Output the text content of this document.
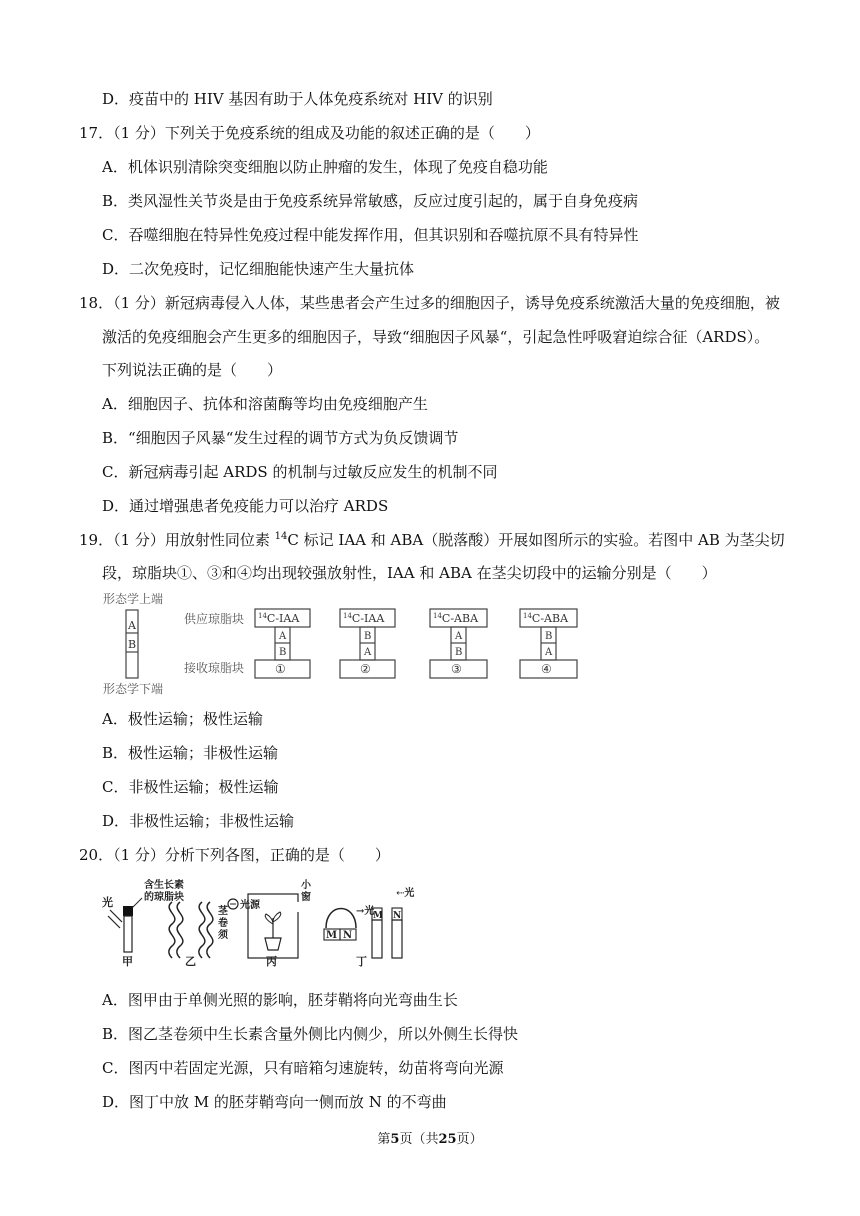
D．疫苗中的 HIV 基因有助于人体免疫系统对 HIV 的识别
17．（1 分）下列关于免疫系统的组成及功能的叙述正确的是（　　）
A．机体识别清除突变细胞以防止肿瘤的发生，体现了免疫自稳功能
B．类风湿性关节炎是由于免疫系统异常敏感，反应过度引起的，属于自身免疫病
C．吞噬细胞在特异性免疫过程中能发挥作用，但其识别和吞噬抗原不具有特异性
D．二次免疫时，记忆细胞能快速产生大量抗体
18．（1 分）新冠病毒侵入人体，某些患者会产生过多的细胞因子，诱导免疫系统激活大量的免疫细胞，被
激活的免疫细胞会产生更多的细胞因子，导致“细胞因子风暴“，引起急性呼吸窘迫综合征（ARDS）。
下列说法正确的是（　　）
A．细胞因子、抗体和溶菌酶等均由免疫细胞产生
B．“细胞因子风暴“发生过程的调节方式为负反馈调节
C．新冠病毒引起 ARDS 的机制与过敏反应发生的机制不同
D．通过增强患者免疫能力可以治疗 ARDS
19．（1 分）用放射性同位素 $^{14}$C 标记 IAA 和 ABA（脱落酸）开展如图所示的实验。若图中 AB 为茎尖切
段，琼脂块①、③和④均出现较强放射性，IAA 和 ABA 在茎尖切段中的运输分别是（　　）
形态学上端
形态学下端
A
B
供应琼脂块
接收琼脂块
$^{14}$C-IAA
A
B
①
$^{14}$C-IAA
B
A
②
$^{14}$C-ABA
A
B
③
$^{14}$C-ABA
B
A
④
A．极性运输；极性运输
B．极性运输；非极性运输
C．非极性运输；极性运输
D．非极性运输；非极性运输
20．（1 分）分析下列各图，正确的是（　　）
光
甲
含生长素
的琼脂块
茎
卷
须
乙
光源
小
窗
丙
M N
→光
M N
⇠光
丁
A．图甲由于单侧光照的影响，胚芽鞘将向光弯曲生长
B．图乙茎卷须中生长素含量外侧比内侧少，所以外侧生长得快
C．图丙中若固定光源，只有暗箱匀速旋转，幼苗将弯向光源
D．图丁中放 M 的胚芽鞘弯向一侧而放 N 的不弯曲
第5页（共25页）
